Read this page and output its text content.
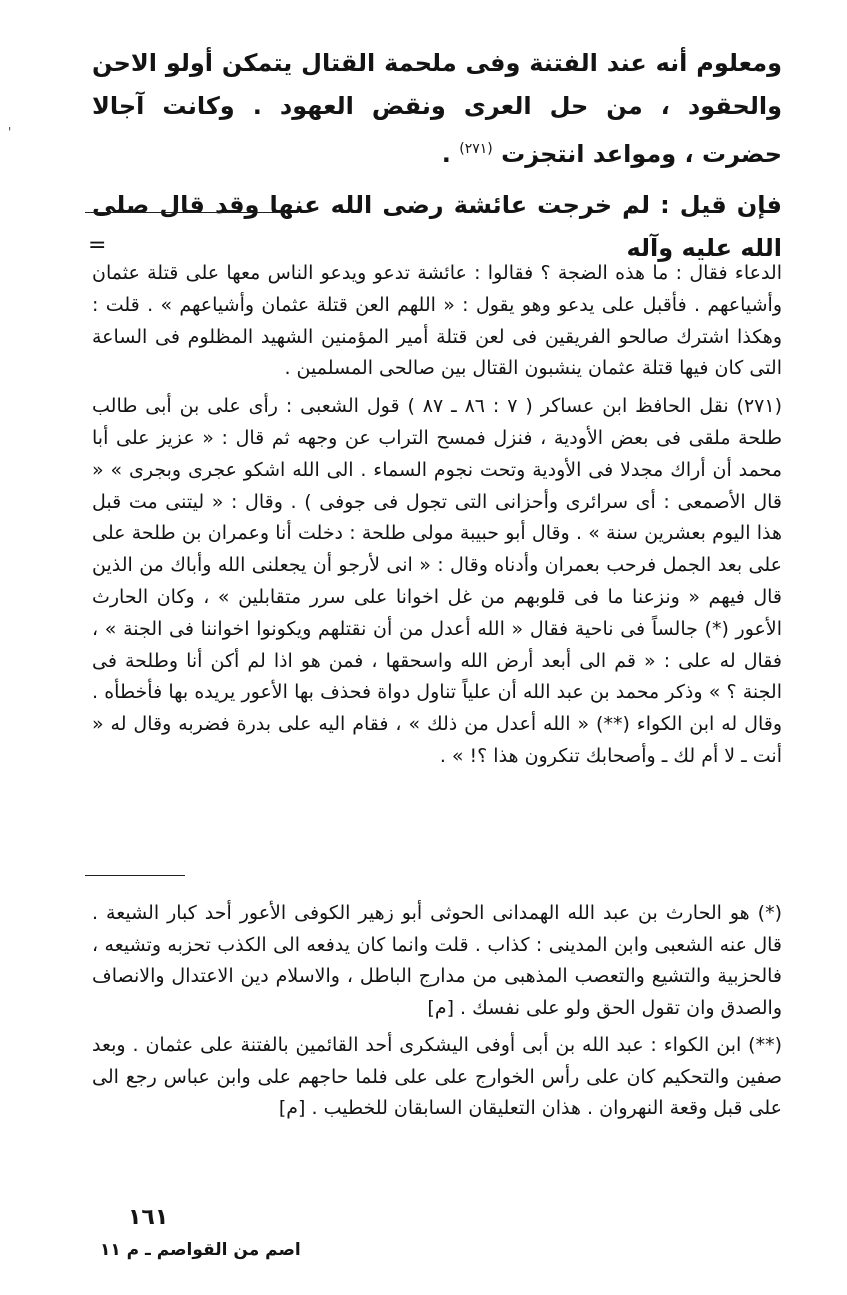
'

ومعلوم أنه عند الفتنة وفى ملحمة القتال يتمكن أولو الاحن والحقود ، من حل العرى ونقض العهود . وكانت آجالا حضرت ، ومواعد انتجزت $^{(٢٧١)}$ .

فإن قيل : لم خرجت عائشة رضى الله عنها وقد قال صلى الله عليه وآله

=

الدعاء فقال : ما هذه الضجة ؟ فقالوا : عائشة تدعو ويدعو الناس معها على قتلة عثمان وأشياعهم . فأقبل على يدعو وهو يقول : « اللهم العن قتلة عثمان وأشياعهم » . قلت : وهكذا اشترك صالحو الفريقين فى لعن قتلة أمير المؤمنين الشهيد المظلوم فى الساعة التى كان فيها قتلة عثمان ينشبون القتال بين صالحى المسلمين .

(٢٧١) نقل الحافظ ابن عساكر ( ٧ : ٨٦ ـ ٨٧ ) قول الشعبى : رأى على بن أبى طالب طلحة ملقى فى بعض الأودية ، فنزل فمسح التراب عن وجهه ثم قال : « عزيز على أبا محمد أن أراك مجدلا فى الأودية وتحت نجوم السماء . الى الله اشكو عجرى وبجرى » « قال الأصمعى : أى سرائرى وأحزانى التى تجول فى جوفى ) . وقال : « ليتنى مت قبل هذا اليوم بعشرين سنة » . وقال أبو حبيبة مولى طلحة : دخلت أنا وعمران بن طلحة على على بعد الجمل فرحب بعمران وأدناه وقال : « انى لأرجو أن يجعلنى الله وأباك من الذين قال فيهم « ونزعنا ما فى قلوبهم من غل اخوانا على سرر متقابلين » ، وكان الحارث الأعور (*) جالساً فى ناحية فقال « الله أعدل من أن نقتلهم ويكونوا اخواننا فى الجنة » ، فقال له على : « قم الى أبعد أرض الله واسحقها ، فمن هو اذا لم أكن أنا وطلحة فى الجنة ؟ » وذكر محمد بن عبد الله أن علياً تناول دواة فحذف بها الأعور يريده بها فأخطأه . وقال له ابن الكواء (**) « الله أعدل من ذلك » ، فقام اليه على بدرة فضربه وقال له « أنت ـ لا أم لك ـ وأصحابك تنكرون هذا ؟! » .

(*) هو الحارث بن عبد الله الهمدانى الحوثى أبو زهير الكوفى الأعور أحد كبار الشيعة . قال عنه الشعبى وابن المدينى : كذاب . قلت وانما كان يدفعه الى الكذب تحزبه وتشيعه ، فالحزبية والتشيع والتعصب المذهبى من مدارج الباطل ، والاسلام دين الاعتدال والانصاف والصدق وان تقول الحق ولو على نفسك . [م]

(**) ابن الكواء : عبد الله بن أبى أوفى اليشكرى أحد القائمين بالفتنة على عثمان . وبعد صفين والتحكيم كان على رأس الخوارج على على فلما حاجهم على وابن عباس رجع الى على قبل وقعة النهروان . هذان التعليقان السابقان للخطيب . [م]

١٦١
اصم من القواصم ـ م ١١
